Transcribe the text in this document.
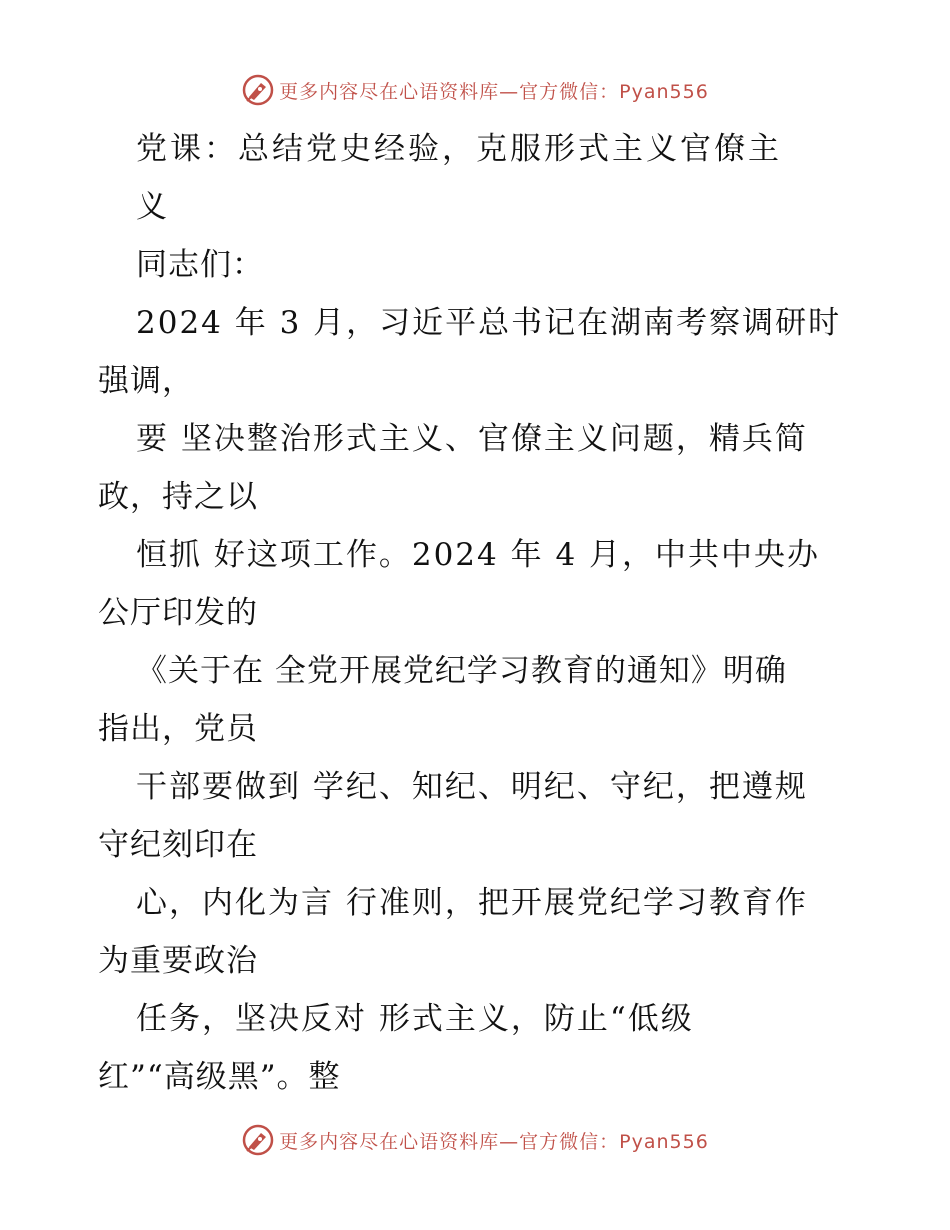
更多内容尽在心语资料库—官方微信：Pyan556
党课：总结党史经验，克服形式主义官僚主
义
同志们：
2024 年 3 月，习近平总书记在湖南考察调研时
强调，
要 坚决整治形式主义、官僚主义问题，精兵简
政，持之以
恒抓 好这项工作。2024 年 4 月，中共中央办
公厅印发的
《关于在 全党开展党纪学习教育的通知》明确
指出，党员
干部要做到 学纪、知纪、明纪、守纪，把遵规
守纪刻印在
心，内化为言 行准则，把开展党纪学习教育作
为重要政治
任务，坚决反对 形式主义，防止“低级
红”“高级黑”。整
更多内容尽在心语资料库—官方微信：Pyan556
